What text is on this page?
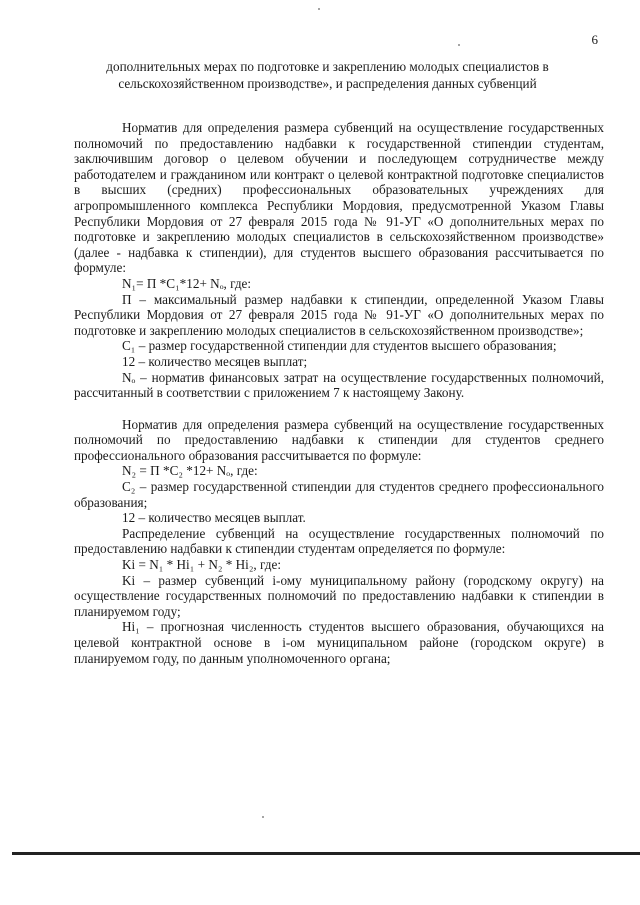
6
дополнительных мерах по подготовке и закреплению молодых специалистов в
сельскохозяйственном производстве», и распределения данных субвенций

Норматив для определения размера субвенций на осуществление государственных полномочий по предоставлению надбавки к государственной стипендии студентам, заключившим договор о целевом обучении и последующем сотрудничестве между работодателем и гражданином или контракт о целевой контрактной подготовке специалистов в высших (средних) профессиональных образовательных учреждениях для агропромышленного комплекса Республики Мордовия, предусмотренной Указом Главы Республики Мордовия от 27 февраля 2015 года № 91-УГ «О дополнительных мерах по подготовке и закреплению молодых специалистов в сельскохозяйственном производстве» (далее - надбавка к стипендии), для студентов высшего образования рассчитывается по формуле:

N₁= П *C₁*12+ Nₒ, где:

П – максимальный размер надбавки к стипендии, определенной Указом Главы Республики Мордовия от 27 февраля 2015 года № 91-УГ «О дополнительных мерах по подготовке и закреплению молодых специалистов в сельскохозяйственном производстве»;

С₁ – размер государственной стипендии для студентов высшего образования;

12 – количество месяцев выплат;

Nₒ – норматив финансовых затрат на осуществление государственных полномочий, рассчитанный в соответствии с приложением 7 к настоящему Закону.

Норматив для определения размера субвенций на осуществление государственных полномочий по предоставлению надбавки к стипендии для студентов среднего профессионального образования рассчитывается по формуле:

N₂ = П *C₂ *12+ Nₒ, где:

С₂ – размер государственной стипендии для студентов среднего профессионального образования;

12 – количество месяцев выплат.

Распределение субвенций на осуществление государственных полномочий по предоставлению надбавки к стипендии студентам определяется по формуле:

Ki = N₁ * Hi₁ + N₂ * Hi₂, где:

Ki – размер субвенций i-ому муниципальному району (городскому округу) на осуществление государственных полномочий по предоставлению надбавки к стипендии в планируемом году;

Hi₁ – прогнозная численность студентов высшего образования, обучающихся на целевой контрактной основе в i-ом муниципальном районе (городском округе) в планируемом году, по данным уполномоченного органа;
